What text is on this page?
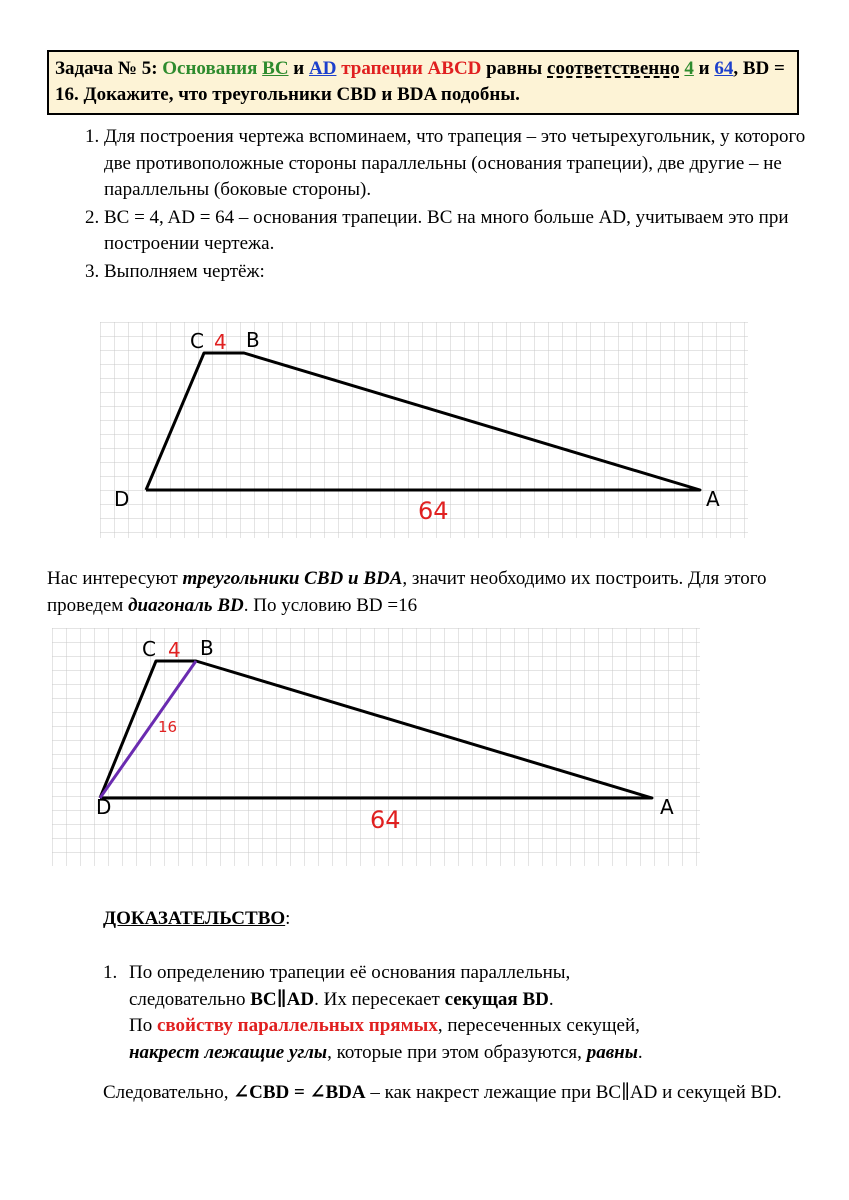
Задача № 5: Основания BC и AD трапеции ABCD равны соответственно 4 и 64, BD = 16. Докажите, что треугольники CBD и BDA подобны.
1. Для построения чертежа вспоминаем, что трапеция – это четырехугольник, у которого две противоположные стороны параллельны (основания трапеции), две другие – не параллельны (боковые стороны).
2. BC = 4, AD = 64 – основания трапеции. BC на много больше AD, учитываем это при построении чертежа.
3. Выполняем чертёж:
C 4 B
D	A
64
Нас интересуют треугольники CBD и BDA, значит необходимо их построить. Для этого проведем диагональ BD. По условию BD =16
C 4 B
16
D	A
64
ДОКАЗАТЕЛЬСТВО:
1. По определению трапеции её основания параллельны,
следовательно BC∥AD. Их пересекает секущая BD.
По свойству параллельных прямых, пересеченных секущей,
накрест лежащие углы, которые при этом образуются, равны.
Следовательно, ∠CBD = ∠BDA – как накрест лежащие при BC∥AD и секущей BD.
